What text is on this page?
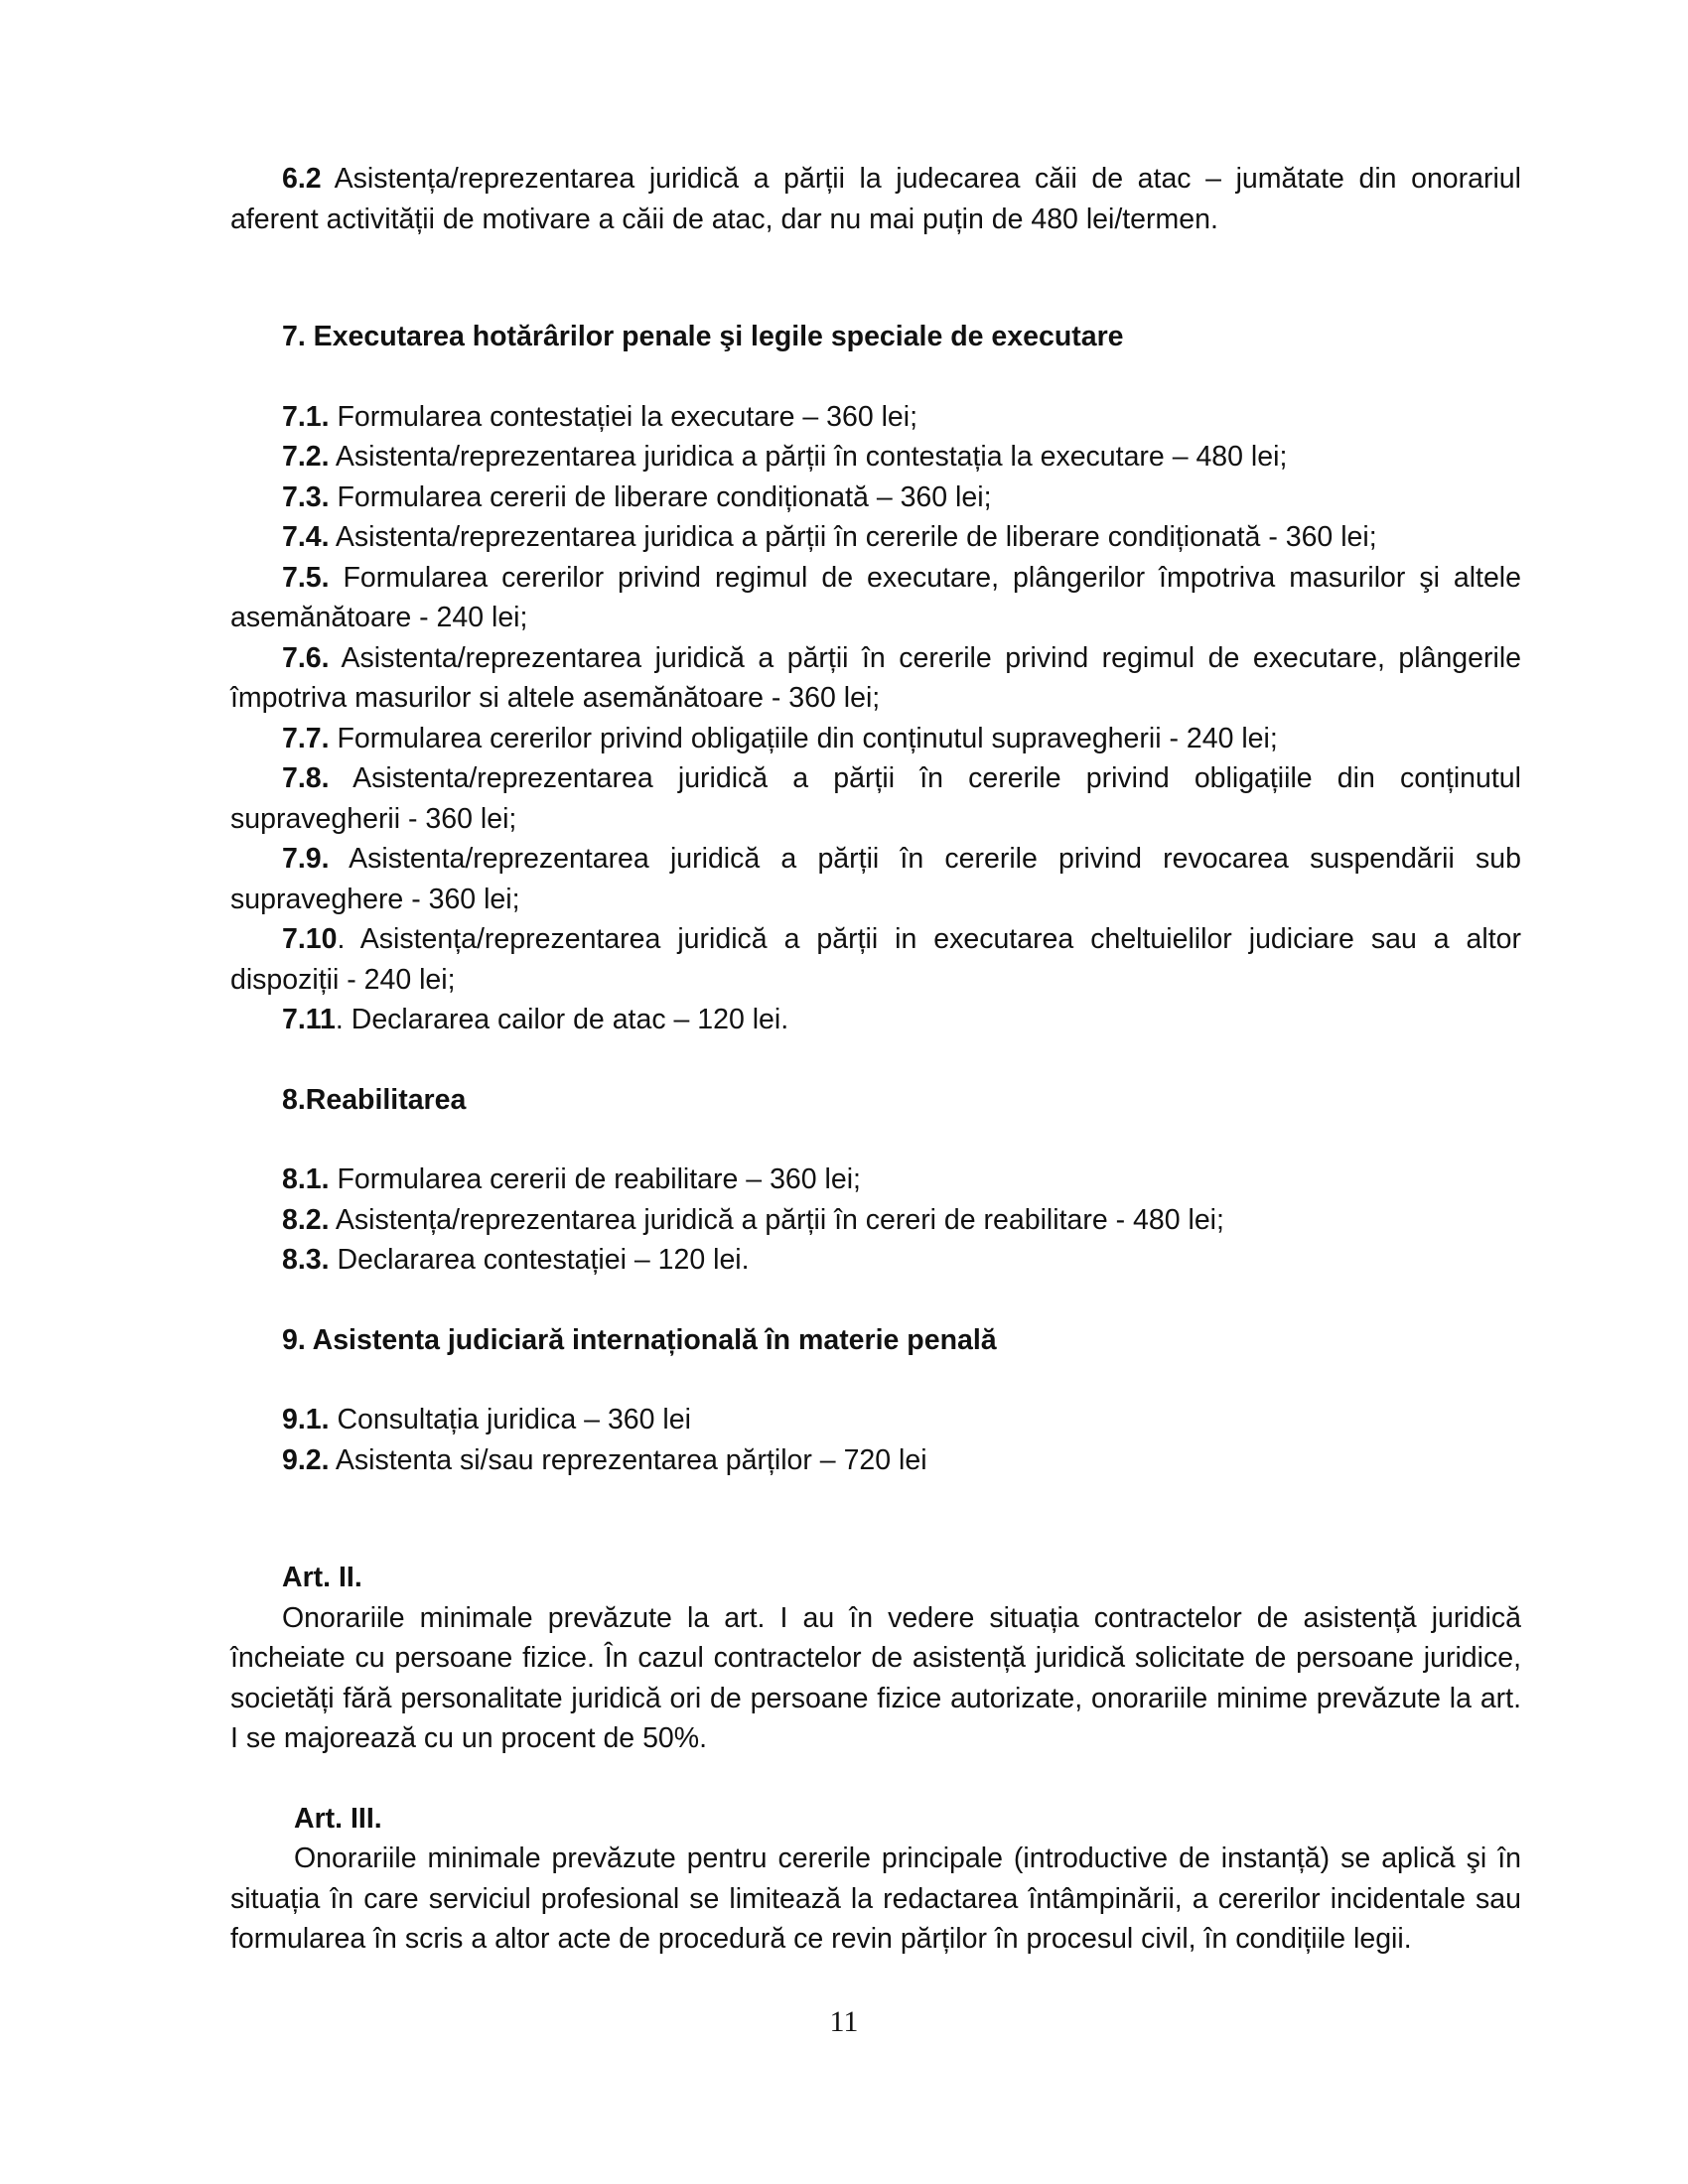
6.2 Asistența/reprezentarea juridică a părții la judecarea căii de atac – jumătate din onorariul aferent activității de motivare a căii de atac, dar nu mai puțin de 480 lei/termen.

7. Executarea hotărârilor penale şi legile speciale de executare

7.1. Formularea contestației la executare – 360 lei;

7.2. Asistenta/reprezentarea juridica a părții în contestația la executare – 480 lei;

7.3. Formularea cererii de liberare condiționată – 360 lei;

7.4. Asistenta/reprezentarea juridica a părții în cererile de liberare condiționată - 360 lei;

7.5. Formularea cererilor privind regimul de executare, plângerilor împotriva masurilor şi altele asemănătoare - 240 lei;

7.6. Asistenta/reprezentarea juridică a părții în cererile privind regimul de executare, plângerile împotriva masurilor si altele asemănătoare - 360 lei;

7.7. Formularea cererilor privind obligațiile din conținutul supravegherii - 240 lei;

7.8. Asistenta/reprezentarea juridică a părții în cererile privind obligațiile din conținutul supravegherii - 360 lei;

7.9. Asistenta/reprezentarea juridică a părții în cererile privind revocarea suspendării sub supraveghere - 360 lei;

7.10. Asistența/reprezentarea juridică a părții in executarea cheltuielilor judiciare sau a altor dispoziții - 240 lei;

7.11. Declararea cailor de atac – 120 lei.

8.Reabilitarea

8.1. Formularea cererii de reabilitare – 360 lei;

8.2. Asistența/reprezentarea juridică a părții în cereri de reabilitare - 480 lei;

8.3. Declararea contestației – 120 lei.

9. Asistenta judiciară internațională în materie penală

9.1. Consultația juridica – 360 lei

9.2. Asistenta si/sau reprezentarea părților – 720 lei

Art. II.

Onorariile minimale prevăzute la art. I au în vedere situația contractelor de asistență juridică încheiate cu persoane fizice. În cazul contractelor de asistență juridică solicitate de persoane juridice, societăți fără personalitate juridică ori de persoane fizice autorizate, onorariile minime prevăzute la art. I se majorează cu un procent de 50%.

Art. III.

Onorariile minimale prevăzute pentru cererile principale (introductive de instanță) se aplică şi în situația în care serviciul profesional se limitează la redactarea întâmpinării, a cererilor incidentale sau formularea în scris a altor acte de procedură ce revin părților în procesul civil, în condițiile legii.

11
